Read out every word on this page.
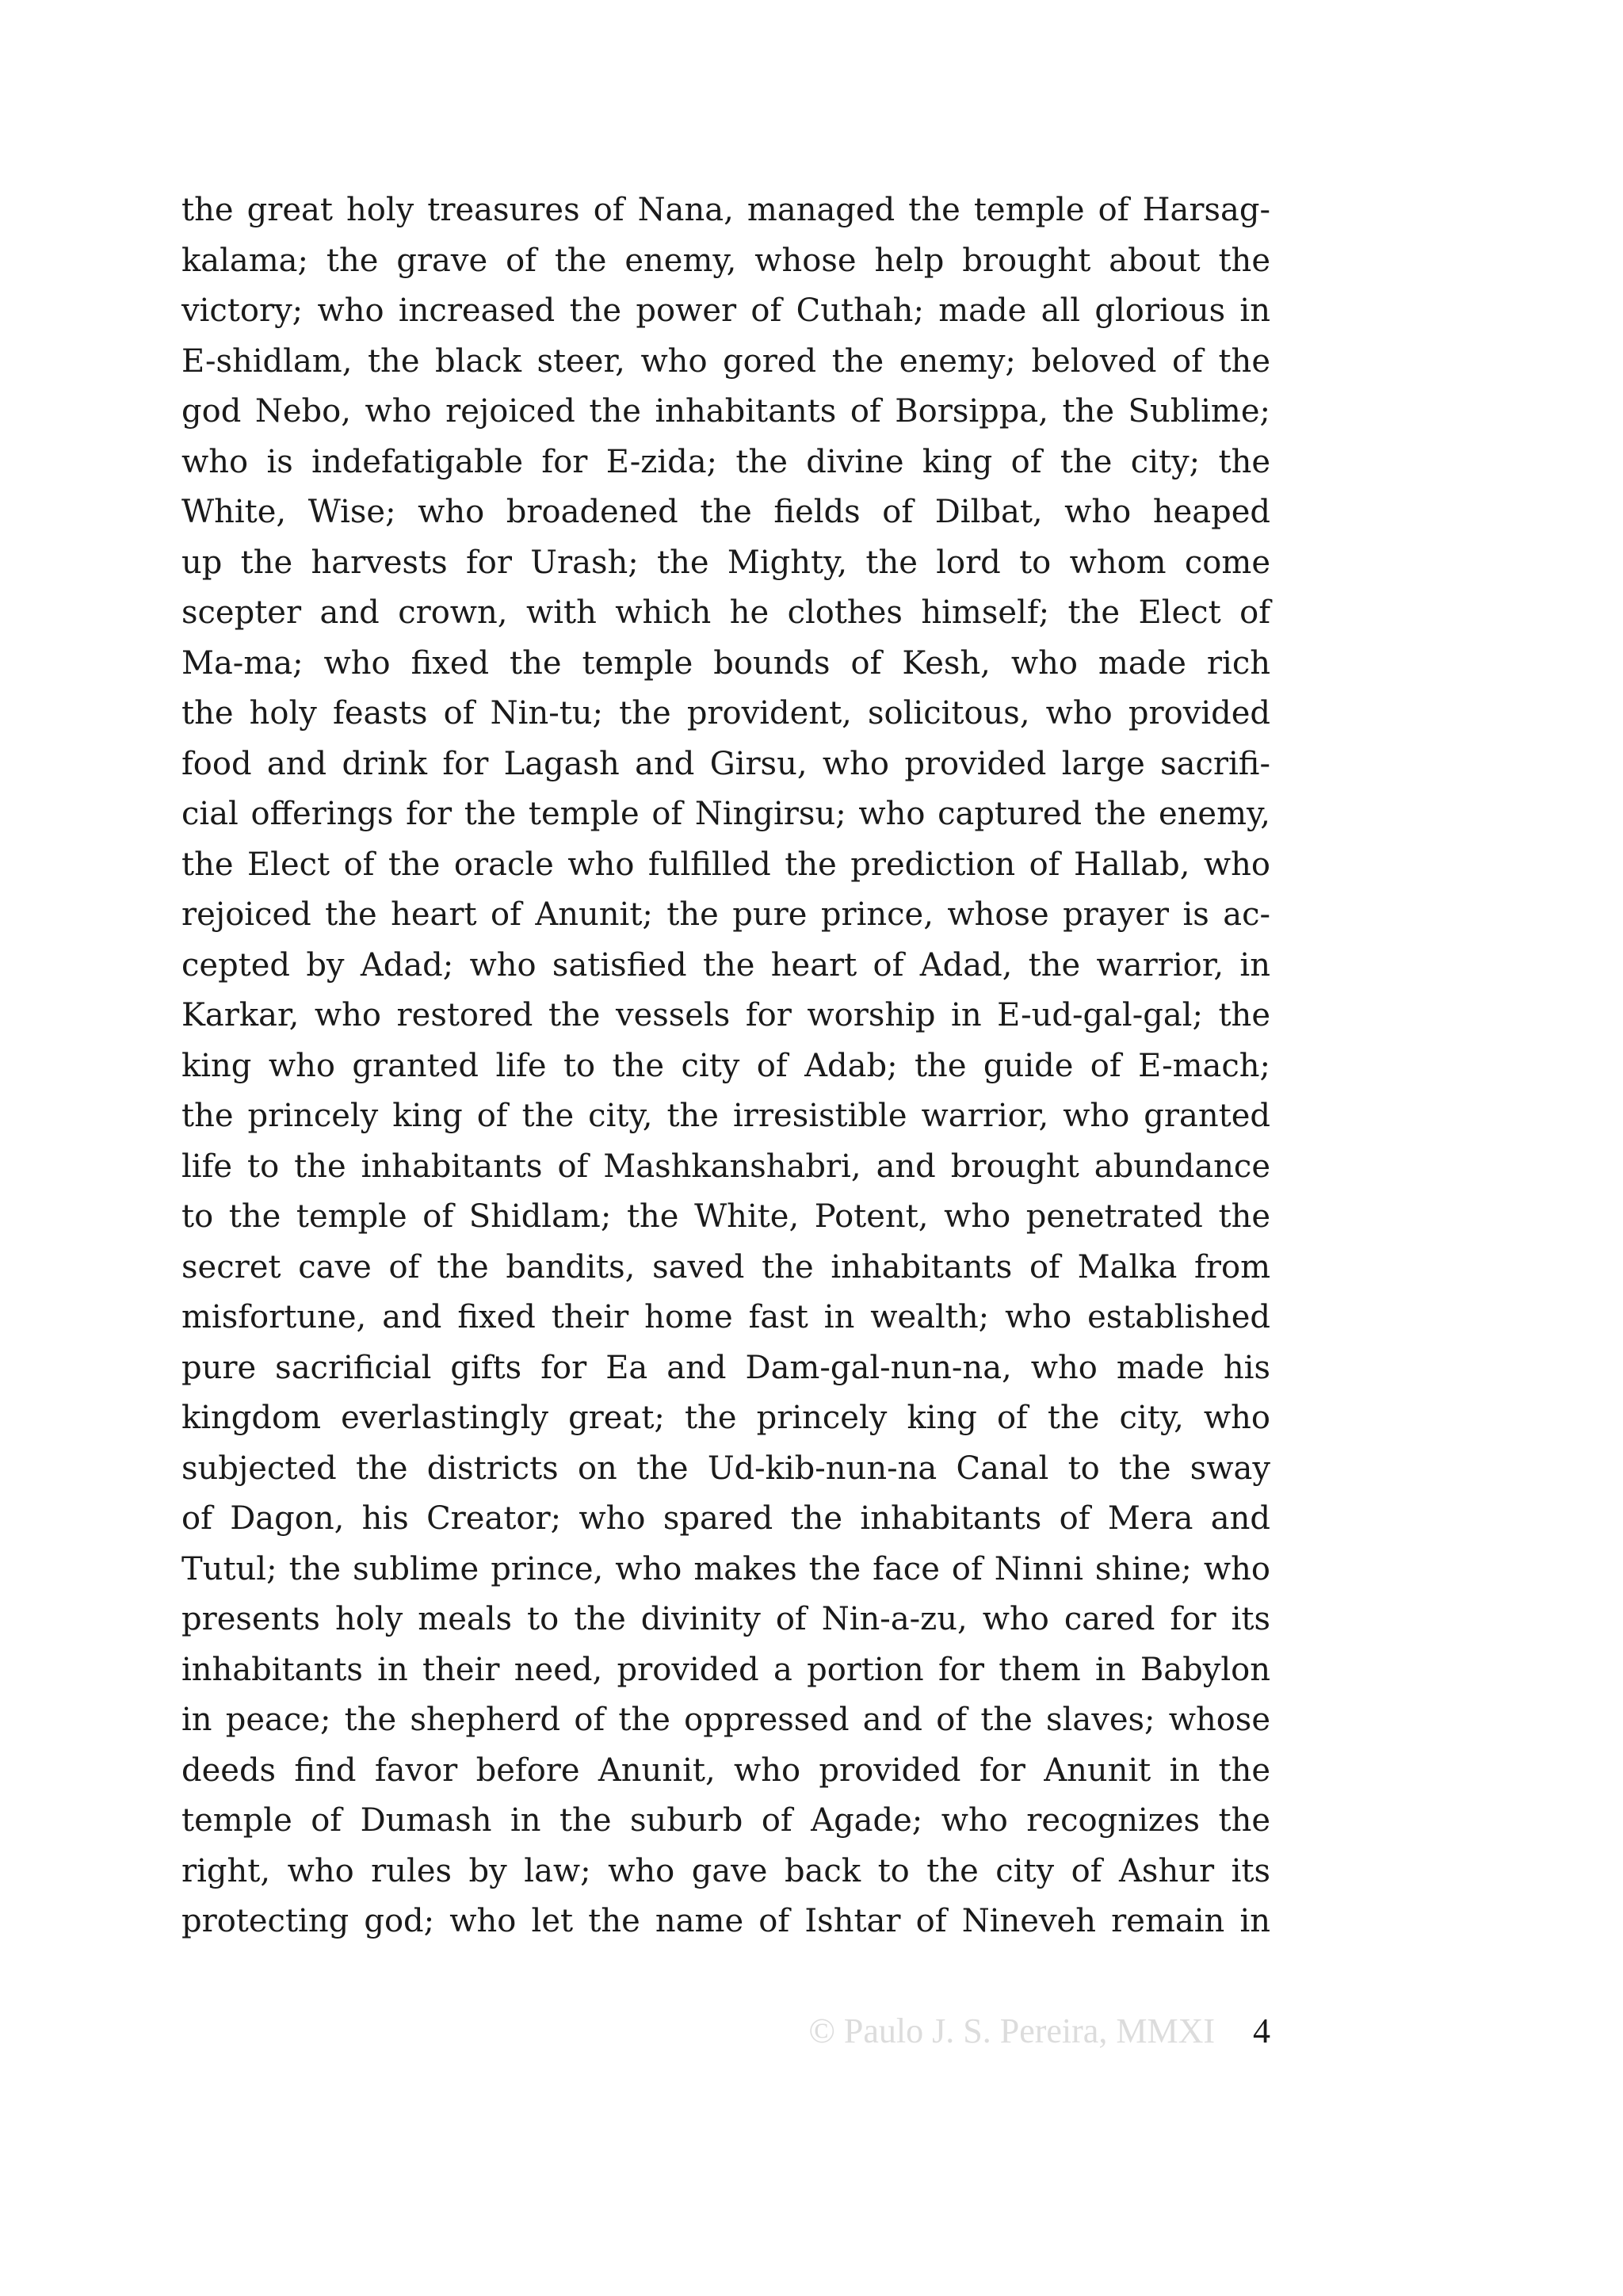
the great holy treasures of Nana, managed the temple of Harsag-
kalama; the grave of the enemy, whose help brought about the
victory; who increased the power of Cuthah; made all glorious in
E-shidlam, the black steer, who gored the enemy; beloved of the
god Nebo, who rejoiced the inhabitants of Borsippa, the Sublime;
who is indefatigable for E-zida; the divine king of the city; the
White, Wise; who broadened the fields of Dilbat, who heaped
up the harvests for Urash; the Mighty, the lord to whom come
scepter and crown, with which he clothes himself; the Elect of
Ma-ma; who fixed the temple bounds of Kesh, who made rich
the holy feasts of Nin-tu; the provident, solicitous, who provided
food and drink for Lagash and Girsu, who provided large sacrifi-
cial offerings for the temple of Ningirsu; who captured the enemy,
the Elect of the oracle who fulfilled the prediction of Hallab, who
rejoiced the heart of Anunit; the pure prince, whose prayer is ac-
cepted by Adad; who satisfied the heart of Adad, the warrior, in
Karkar, who restored the vessels for worship in E-ud-gal-gal; the
king who granted life to the city of Adab; the guide of E-mach;
the princely king of the city, the irresistible warrior, who granted
life to the inhabitants of Mashkanshabri, and brought abundance
to the temple of Shidlam; the White, Potent, who penetrated the
secret cave of the bandits, saved the inhabitants of Malka from
misfortune, and fixed their home fast in wealth; who established
pure sacrificial gifts for Ea and Dam-gal-nun-na, who made his
kingdom everlastingly great; the princely king of the city, who
subjected the districts on the Ud-kib-nun-na Canal to the sway
of Dagon, his Creator; who spared the inhabitants of Mera and
Tutul; the sublime prince, who makes the face of Ninni shine; who
presents holy meals to the divinity of Nin-a-zu, who cared for its
inhabitants in their need, provided a portion for them in Babylon
in peace; the shepherd of the oppressed and of the slaves; whose
deeds find favor before Anunit, who provided for Anunit in the
temple of Dumash in the suburb of Agade; who recognizes the
right, who rules by law; who gave back to the city of Ashur its
protecting god; who let the name of Ishtar of Nineveh remain in
© Paulo J. S. Pereira, MMXI 4
